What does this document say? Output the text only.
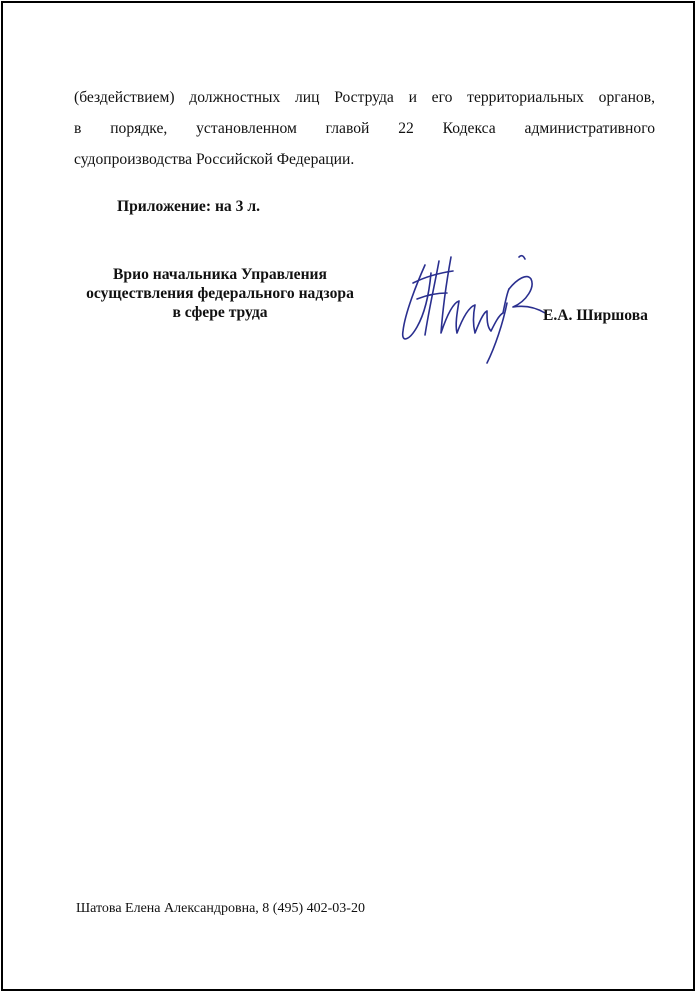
(бездействием) должностных лиц Роструда и его территориальных органов,
в порядке, установленном главой 22 Кодекса административного
судопроизводства Российской Федерации.
Приложение: на 3 л.
Врио начальника Управления
осуществления федерального надзора
в сфере труда	Е.А. Ширшова
Шатова Елена Александровна, 8 (495) 402-03-20
